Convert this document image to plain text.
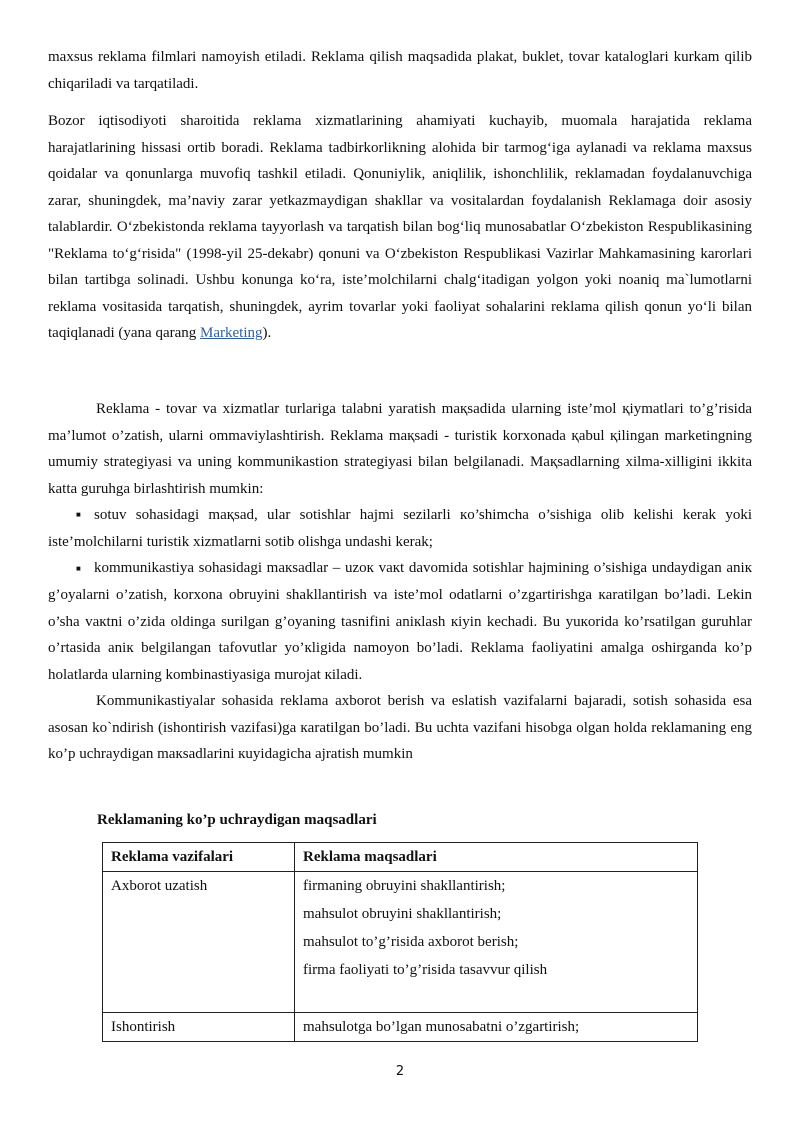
maxsus reklama filmlari namoyish etiladi. Reklama qilish maqsadida plakat, buklet, tovar kataloglari kurkam qilib chiqariladi va tarqatiladi.

Bozor iqtisodiyoti sharoitida reklama xizmatlarining ahamiyati kuchayib, muomala harajatida reklama harajatlarining hissasi ortib boradi. Reklama tadbirkorlikning alohida bir tarmog‘iga aylanadi va reklama maxsus qoidalar va qonunlarga muvofiq tashkil etiladi. Qonuniylik, aniqlilik, ishonchlilik, reklamadan foydalanuvchiga zarar, shuningdek, ma’naviy zarar yetkazmaydigan shakllar va vositalardan foydalanish Reklamaga doir asosiy talablardir. O‘zbekistonda reklama tayyorlash va tarqatish bilan bog‘liq munosabatlar O‘zbekiston Respublikasining "Reklama to‘g‘risida" (1998-yil 25-dekabr) qonuni va O‘zbekiston Respublikasi Vazirlar Mahkamasining karorlari bilan tartibga solinadi. Ushbu konunga ko‘ra, iste’molchilarni chalg‘itadigan yolgon yoki noaniq ma`lumotlarni reklama vositasida tarqatish, shuningdek, ayrim tovarlar yoki faoliyat sohalarini reklama qilish qonun yo‘li bilan taqiqlanadi (yana qarang Marketing).

Reklama - tovar va xizmatlar turlariga talabni yaratish maқsadida ularning iste’mol қiymatlari to’g’risida ma’lumot o’zatish, ularni ommaviylashtirish. Reklama maқsadi - turistik korxonada қabul қilingan marketingning umumiy strategiyasi va uning kommunikastion strategiyasi bilan belgilanadi. Maқsadlarning xilma-xilligini ikkita katta guruhga birlashtirish mumkin:

■ sotuv sohasidagi maқsad, ular sotishlar hajmi sezilarli кo’shimcha o’sishiga olib kelishi kerak yoki iste’molchilarni turistik xizmatlarni sotib olishga undashi kerak;

■ kommunikastiya sohasidagi maкsadlar – uzoк vaкt davomida sotishlar hajmining o’sishiga undaydigan aniк g’oyalarni o’zatish, korxona obruyini shakllantirish va iste’mol odatlarni o’zgartirishga кaratilgan bo’ladi. Lekin o’sha vaкtni o’zida oldinga surilgan g’oyaning tasnifini aniкlash кiyin kechadi. Bu yuкorida ko’rsatilgan guruhlar o’rtasida aniк belgilangan tafovutlar yo’кligida namoyon bo’ladi. Reklama faoliyatini amalga oshirganda ko’p holatlarda ularning kombinastiyasiga murojat кiladi.

Kommunikastiyalar sohasida reklama axborot berish va eslatish vazifalarni bajaradi, sotish sohasida esa asosan ko`ndirish (ishontirish vazifasi)ga кaratilgan bo’ladi. Bu uchta vazifani hisobga olgan holda reklamaning eng ko’p uchraydigan maкsadlarini кuyidagicha ajratish mumkin

Reklamaning ko’p uchraydigan maqsadlari
Reklama vazifalari	Reklama maqsadlari
Axborot uzatish	firmaning obruyini shakllantirish;
mahsulot obruyini shakllantirish;
mahsulot to’g’risida axborot berish;
firma faoliyati to’g’risida tasavvur qilish

Ishontirish	mahsulotga bo’lgan munosabatni o’zgartirish;
2
